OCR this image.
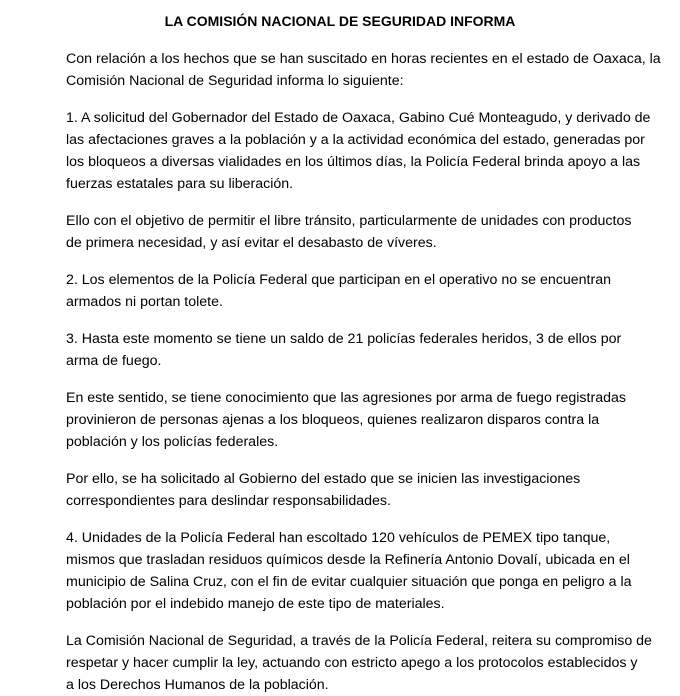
LA COMISIÓN NACIONAL DE SEGURIDAD INFORMA
Con relación a los hechos que se han suscitado en horas recientes en el estado de Oaxaca, la
Comisión Nacional de Seguridad informa lo siguiente:
1. A solicitud del Gobernador del Estado de Oaxaca, Gabino Cué Monteagudo, y derivado de
las afectaciones graves a la población y a la actividad económica del estado, generadas por
los bloqueos a diversas vialidades en los últimos días, la Policía Federal brinda apoyo a las
fuerzas estatales para su liberación.
Ello con el objetivo de permitir el libre tránsito, particularmente de unidades con productos
de primera necesidad, y así evitar el desabasto de víveres.
2. Los elementos de la Policía Federal que participan en el operativo no se encuentran
armados ni portan tolete.
3. Hasta este momento se tiene un saldo de 21 policías federales heridos, 3 de ellos por
arma de fuego.
En este sentido, se tiene conocimiento que las agresiones por arma de fuego registradas
provinieron de personas ajenas a los bloqueos, quienes realizaron disparos contra la
población y los policías federales.
Por ello, se ha solicitado al Gobierno del estado que se inicien las investigaciones
correspondientes para deslindar responsabilidades.
4. Unidades de la Policía Federal han escoltado 120 vehículos de PEMEX tipo tanque,
mismos que trasladan residuos químicos desde la Refinería Antonio Dovalí, ubicada en el
municipio de Salina Cruz, con el fin de evitar cualquier situación que ponga en peligro a la
población por el indebido manejo de este tipo de materiales.
La Comisión Nacional de Seguridad, a través de la Policía Federal, reitera su compromiso de
respetar y hacer cumplir la ley, actuando con estricto apego a los protocolos establecidos y
a los Derechos Humanos de la población.
